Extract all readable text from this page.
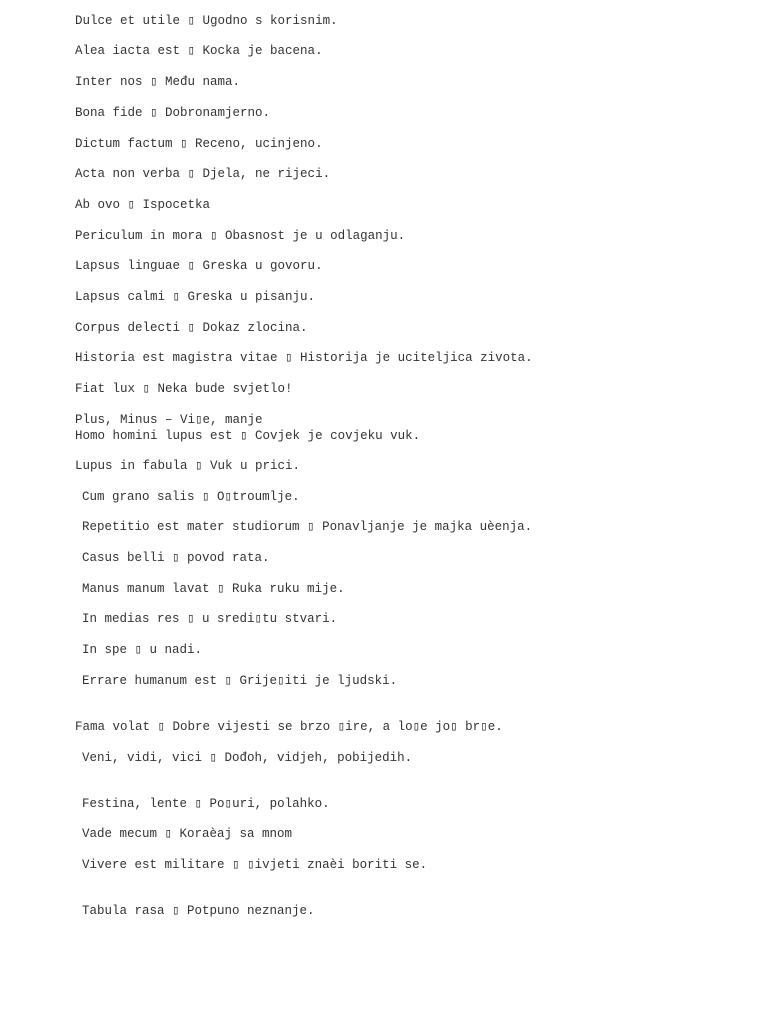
Dulce et utile ▯ Ugodno s korisnim.
Alea iacta est ▯ Kocka je bacena.
Inter nos ▯ Među nama.
Bona fide ▯ Dobronamjerno.
Dictum factum ▯ Receno, ucinjeno.
Acta non verba ▯ Djela, ne rijeci.
Ab ovo ▯ Ispocetka
Periculum in mora ▯ Obasnost je u odlaganju.
Lapsus linguae ▯ Greska u govoru.
Lapsus calmi ▯ Greska u pisanju.
Corpus delecti ▯ Dokaz zlocina.
Historia est magistra vitae ▯ Historija je uciteljica zivota.
Fiat lux ▯ Neka bude svjetlo!
Plus, Minus – Vi▯e, manje
Homo homini lupus est ▯ Covjek je covjeku vuk.
Lupus in fabula ▯ Vuk u prici.
Cum grano salis ▯ O▯troumlje.
Repetitio est mater studiorum ▯ Ponavljanje je majka uèenja.
Casus belli ▯ povod rata.
Manus manum lavat ▯ Ruka ruku mije.
In medias res ▯ u sredi▯tu stvari.
In spe ▯ u nadi.
Errare humanum est ▯ Grije▯iti je ljudski.
Fama volat ▯ Dobre vijesti se brzo ▯ire, a lo▯e jo▯ br▯e.
Veni, vidi, vici ▯ Dođoh, vidjeh, pobijedih.
Festina, lente ▯ Po▯uri, polahko.
Vade mecum ▯ Koraèaj sa mnom
Vivere est militare ▯ ▯ivjeti znaèi boriti se.
Tabula rasa ▯ Potpuno neznanje.
